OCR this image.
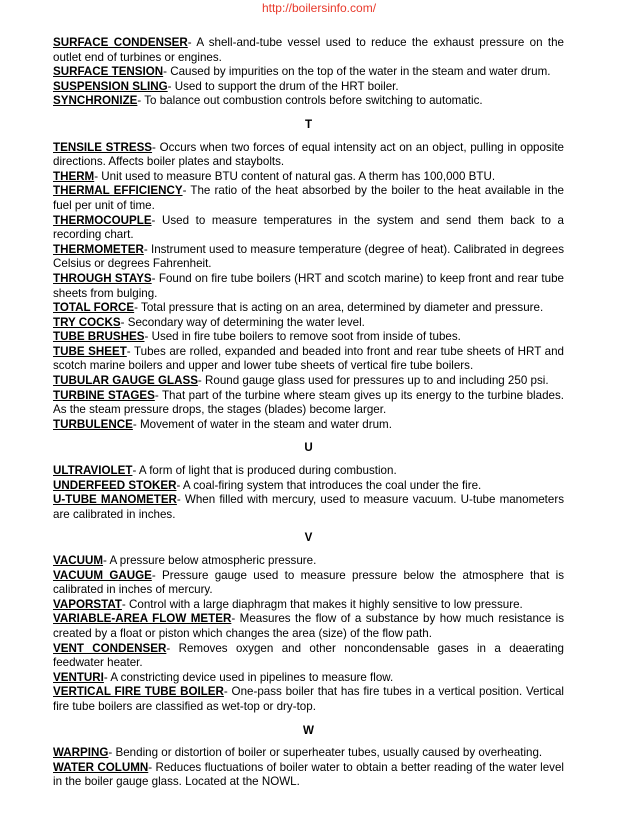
http://boilersinfo.com/

SURFACE CONDENSER- A shell-and-tube vessel used to reduce the exhaust pressure on the outlet end of turbines or engines.

SURFACE TENSION- Caused by impurities on the top of the water in the steam and water drum.

SUSPENSION SLING- Used to support the drum of the HRT boiler.

SYNCHRONIZE- To balance out combustion controls before switching to automatic.

T

TENSILE STRESS- Occurs when two forces of equal intensity act on an object, pulling in opposite directions. Affects boiler plates and staybolts.

THERM- Unit used to measure BTU content of natural gas. A therm has 100,000 BTU.

THERMAL EFFICIENCY- The ratio of the heat absorbed by the boiler to the heat available in the fuel per unit of time.

THERMOCOUPLE- Used to measure temperatures in the system and send them back to a recording chart.

THERMOMETER- Instrument used to measure temperature (degree of heat). Calibrated in degrees Celsius or degrees Fahrenheit.

THROUGH STAYS- Found on fire tube boilers (HRT and scotch marine) to keep front and rear tube sheets from bulging.

TOTAL FORCE- Total pressure that is acting on an area, determined by diameter and pressure.

TRY COCKS- Secondary way of determining the water level.

TUBE BRUSHES- Used in fire tube boilers to remove soot from inside of tubes.

TUBE SHEET- Tubes are rolled, expanded and beaded into front and rear tube sheets of HRT and scotch marine boilers and upper and lower tube sheets of vertical fire tube boilers.

TUBULAR GAUGE GLASS- Round gauge glass used for pressures up to and including 250 psi.

TURBINE STAGES- That part of the turbine where steam gives up its energy to the turbine blades. As the steam pressure drops, the stages (blades) become larger.

TURBULENCE- Movement of water in the steam and water drum.

U

ULTRAVIOLET- A form of light that is produced during combustion.

UNDERFEED STOKER- A coal-firing system that introduces the coal under the fire.

U-TUBE MANOMETER- When filled with mercury, used to measure vacuum. U-tube manometers are calibrated in inches.

V

VACUUM- A pressure below atmospheric pressure.

VACUUM GAUGE- Pressure gauge used to measure pressure below the atmosphere that is calibrated in inches of mercury.

VAPORSTAT- Control with a large diaphragm that makes it highly sensitive to low pressure.

VARIABLE-AREA FLOW METER- Measures the flow of a substance by how much resistance is created by a float or piston which changes the area (size) of the flow path.

VENT CONDENSER- Removes oxygen and other noncondensable gases in a deaerating feedwater heater.

VENTURI- A constricting device used in pipelines to measure flow.

VERTICAL FIRE TUBE BOILER- One-pass boiler that has fire tubes in a vertical position. Vertical fire tube boilers are classified as wet-top or dry-top.

W

WARPING- Bending or distortion of boiler or superheater tubes, usually caused by overheating.

WATER COLUMN- Reduces fluctuations of boiler water to obtain a better reading of the water level in the boiler gauge glass. Located at the NOWL.
